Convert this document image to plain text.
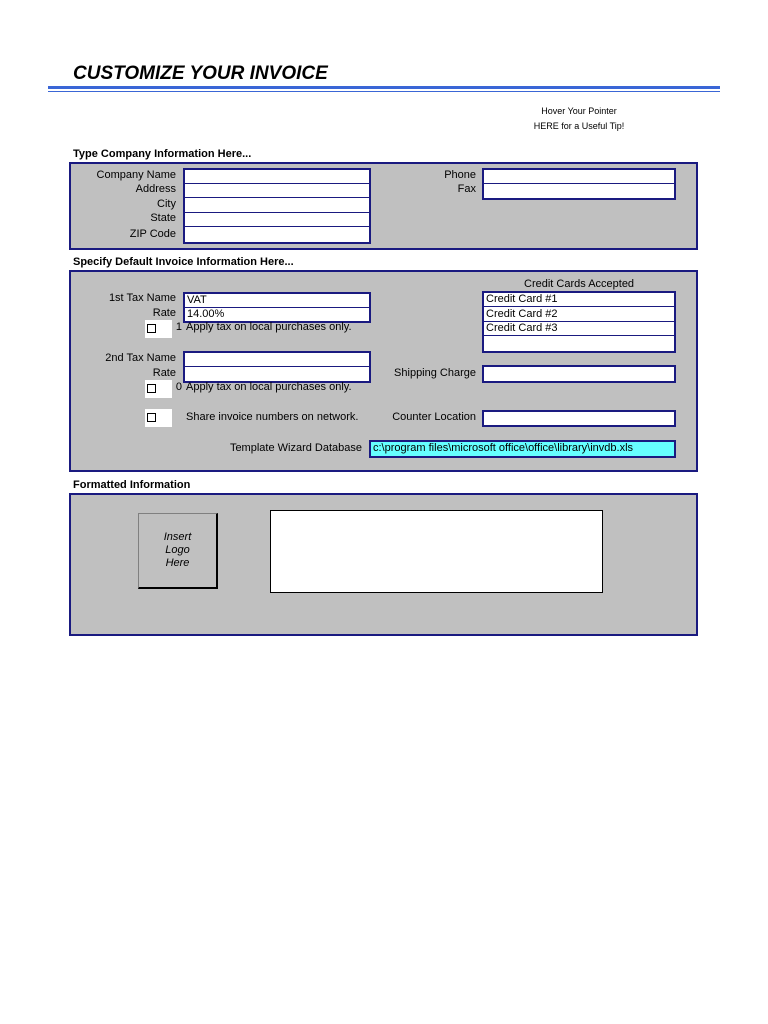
CUSTOMIZE YOUR INVOICE
Hover Your Pointer
HERE for a Useful Tip!
Type Company Information Here...
Company Name
Address
City
State
ZIP Code
Phone
Fax
Specify Default Invoice Information Here...
1st Tax Name
Rate
VAT
14.00%
1 Apply tax on local purchases only.
2nd Tax Name
Rate
0 Apply tax on local purchases only.
Share invoice numbers on network.
Credit Cards Accepted
Credit Card #1
Credit Card #2
Credit Card #3
Shipping Charge
Counter Location
Template Wizard Database	c:\program files\microsoft office\office\library\invdb.xls
Formatted Information
Insert
Logo
Here
